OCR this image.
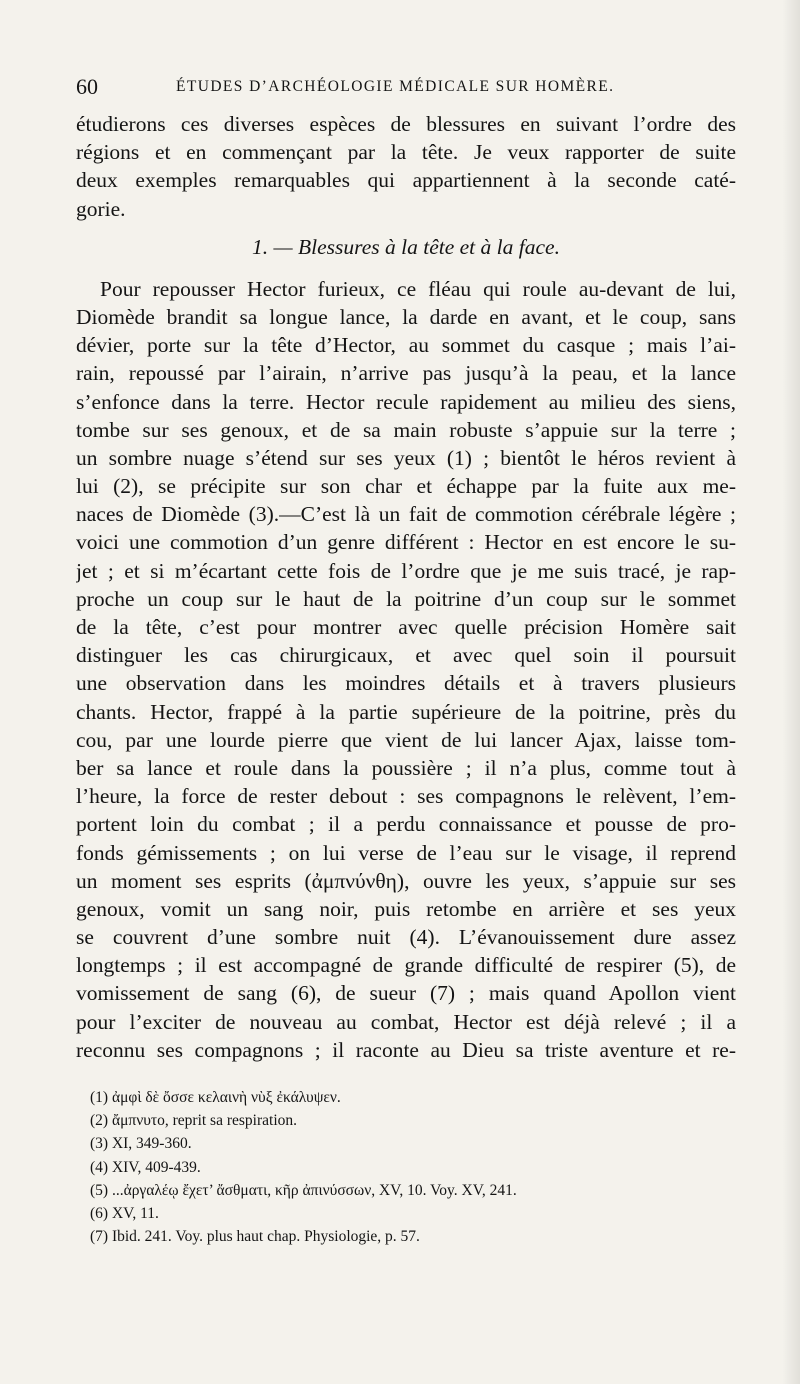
60	ÉTUDES D’ARCHÉOLOGIE MÉDICALE SUR HOMÈRE.
étudierons ces diverses espèces de blessures en suivant l’ordre des
régions et en commençant par la tête. Je veux rapporter de suite
deux exemples remarquables qui appartiennent à la seconde caté-
gorie.
1. — Blessures à la tête et à la face.
Pour repousser Hector furieux, ce fléau qui roule au-devant de lui,
Diomède brandit sa longue lance, la darde en avant, et le coup, sans
dévier, porte sur la tête d’Hector, au sommet du casque ; mais l’ai-
rain, repoussé par l’airain, n’arrive pas jusqu’à la peau, et la lance
s’enfonce dans la terre. Hector recule rapidement au milieu des siens,
tombe sur ses genoux, et de sa main robuste s’appuie sur la terre ;
un sombre nuage s’étend sur ses yeux (1) ; bientôt le héros revient à
lui (2), se précipite sur son char et échappe par la fuite aux me-
naces de Diomède (3).—C’est là un fait de commotion cérébrale légère ;
voici une commotion d’un genre différent : Hector en est encore le su-
jet ; et si m’écartant cette fois de l’ordre que je me suis tracé, je rap-
proche un coup sur le haut de la poitrine d’un coup sur le sommet
de la tête, c’est pour montrer avec quelle précision Homère sait
distinguer les cas chirurgicaux, et avec quel soin il poursuit
une observation dans les moindres détails et à travers plusieurs
chants. Hector, frappé à la partie supérieure de la poitrine, près du
cou, par une lourde pierre que vient de lui lancer Ajax, laisse tom-
ber sa lance et roule dans la poussière ; il n’a plus, comme tout à
l’heure, la force de rester debout : ses compagnons le relèvent, l’em-
portent loin du combat ; il a perdu connaissance et pousse de pro-
fonds gémissements ; on lui verse de l’eau sur le visage, il reprend
un moment ses esprits (ἀμπνύνθη), ouvre les yeux, s’appuie sur ses
genoux, vomit un sang noir, puis retombe en arrière et ses yeux
se couvrent d’une sombre nuit (4). L’évanouissement dure assez
longtemps ; il est accompagné de grande difficulté de respirer (5), de
vomissement de sang (6), de sueur (7) ; mais quand Apollon vient
pour l’exciter de nouveau au combat, Hector est déjà relevé ; il a
reconnu ses compagnons ; il raconte au Dieu sa triste aventure et re-
(1) ἀμφὶ δὲ ὄσσε κελαινὴ νὺξ ἐκάλυψεν.
(2) ἄμπνυτο, reprit sa respiration.
(3) XI, 349-360.
(4) XIV, 409-439.
(5) ...ἀργαλέῳ ἔχετ’ ἄσθματι, κῆρ ἀπινύσσων, XV, 10. Voy. XV, 241.
(6) XV, 11.
(7) Ibid. 241. Voy. plus haut chap. Physiologie, p. 57.
